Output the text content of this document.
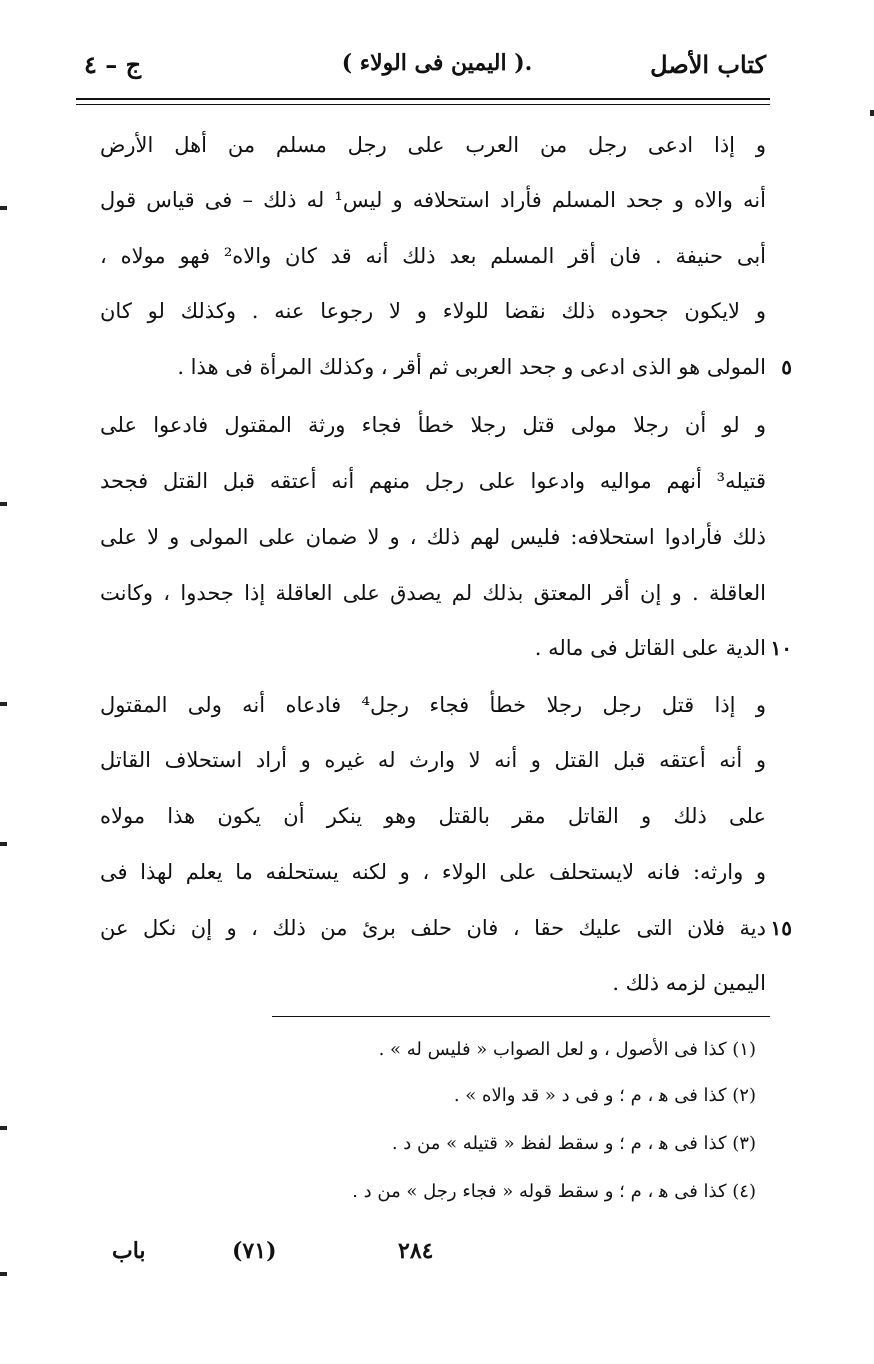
كتاب الأصل
.( اليمين فى الولاء )
ج – ٤
و إذا ادعى رجل من العرب على رجل مسلم من أهل الأرض
أنه والاه و جحد المسلم فأراد استحلافه و ليس¹ له ذلك – فى قياس قول
أبى حنيفة . فان أقر المسلم بعد ذلك أنه قد كان والاه² فهو مولاه ،
و لايكون جحوده ذلك نقضا للولاء و لا رجوعا عنه . وكذلك لو كان
المولى هو الذى ادعى و جحد العربى ثم أقر ، وكذلك المرأة فى هذا . ٥
و لو أن رجلا مولى قتل رجلا خطأ فجاء ورثة المقتول فادعوا على
قتيله³ أنهم مواليه وادعوا على رجل منهم أنه أعتقه قبل القتل فجحد
ذلك فأرادوا استحلافه: فليس لهم ذلك ، و لا ضمان على المولى و لا على
العاقلة . و إن أقر المعتق بذلك لم يصدق على العاقلة إذا جحدوا ، وكانت
الدية على القاتل فى ماله . ١٠
و إذا قتل رجل رجلا خطأ فجاء رجل⁴ فادعاه أنه ولى المقتول
و أنه أعتقه قبل القتل و أنه لا وارث له غيره و أراد استحلاف القاتل
على ذلك و القاتل مقر بالقتل وهو ينكر أن يكون هذا مولاه
و وارثه: فانه لايستحلف على الولاء ، و لكنه يستحلفه ما يعلم لهذا فى
دية فلان التى عليك حقا ، فان حلف برئ من ذلك ، و إن نكل عن ١٥
اليمين لزمه ذلك .
(١) كذا فى الأصول ، و لعل الصواب « فليس له » .
(٢) كذا فى ﻫ ، م ؛ و فى د « قد والاه » .
(٣) كذا فى ﻫ ، م ؛ و سقط لفظ « قتيله » من د .
(٤) كذا فى ﻫ ، م ؛ و سقط قوله « فجاء رجل » من د .
باب	(٧١)	٢٨٤
